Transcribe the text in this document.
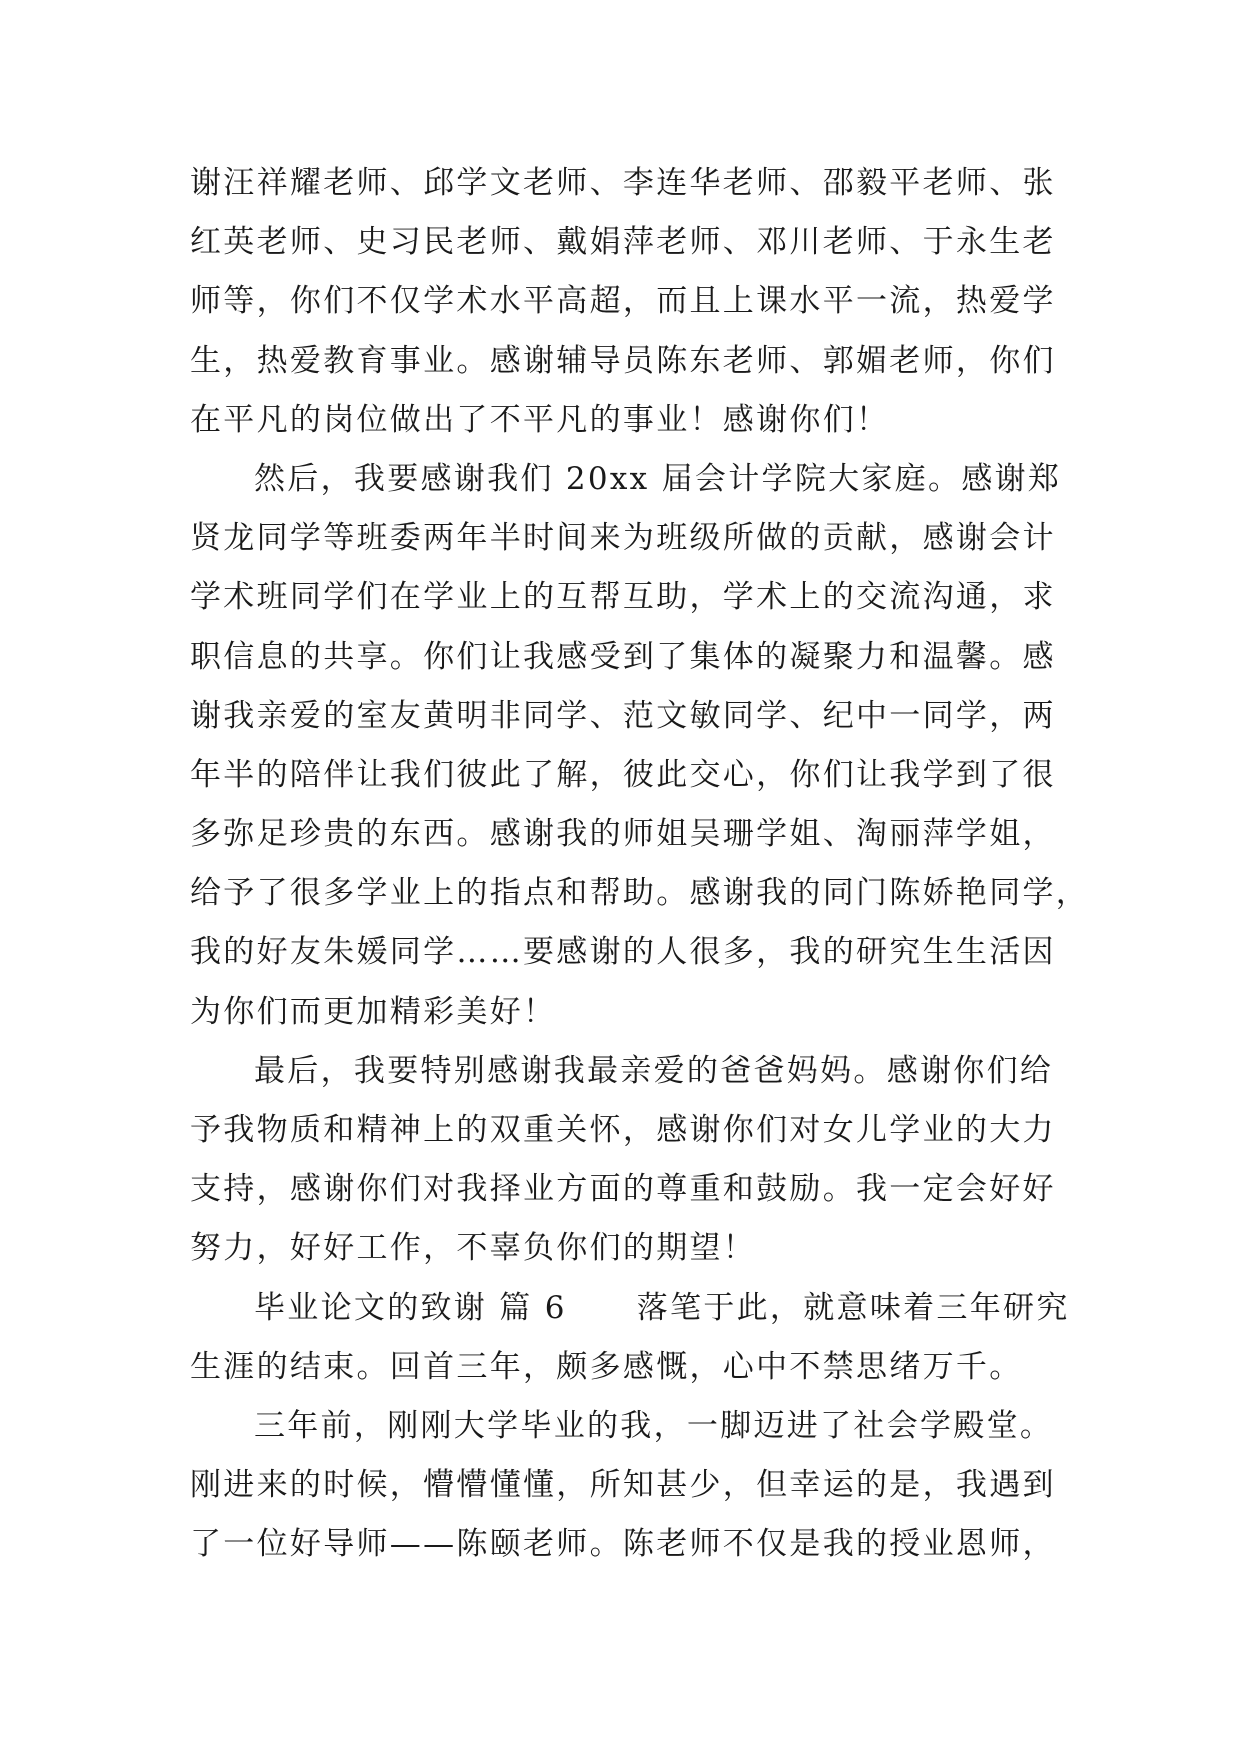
谢汪祥耀老师、邱学文老师、李连华老师、邵毅平老师、张
红英老师、史习民老师、戴娟萍老师、邓川老师、于永生老
师等，你们不仅学术水平高超，而且上课水平一流，热爱学
生，热爱教育事业。感谢辅导员陈东老师、郭媚老师，你们
在平凡的岗位做出了不平凡的事业！感谢你们！
然后，我要感谢我们 20xx 届会计学院大家庭。感谢郑
贤龙同学等班委两年半时间来为班级所做的贡献，感谢会计
学术班同学们在学业上的互帮互助，学术上的交流沟通，求
职信息的共享。你们让我感受到了集体的凝聚力和温馨。感
谢我亲爱的室友黄明非同学、范文敏同学、纪中一同学，两
年半的陪伴让我们彼此了解，彼此交心，你们让我学到了很
多弥足珍贵的东西。感谢我的师姐吴珊学姐、淘丽萍学姐，
给予了很多学业上的指点和帮助。感谢我的同门陈娇艳同学，
我的好友朱媛同学……要感谢的人很多，我的研究生生活因
为你们而更加精彩美好！
最后，我要特别感谢我最亲爱的爸爸妈妈。感谢你们给
予我物质和精神上的双重关怀，感谢你们对女儿学业的大力
支持，感谢你们对我择业方面的尊重和鼓励。我一定会好好
努力，好好工作，不辜负你们的期望！
毕业论文的致谢 篇 6 落笔于此，就意味着三年研究
生涯的结束。回首三年，颇多感慨，心中不禁思绪万千。
三年前，刚刚大学毕业的我，一脚迈进了社会学殿堂。
刚进来的时候，懵懵懂懂，所知甚少，但幸运的是，我遇到
了一位好导师——陈颐老师。陈老师不仅是我的授业恩师，
